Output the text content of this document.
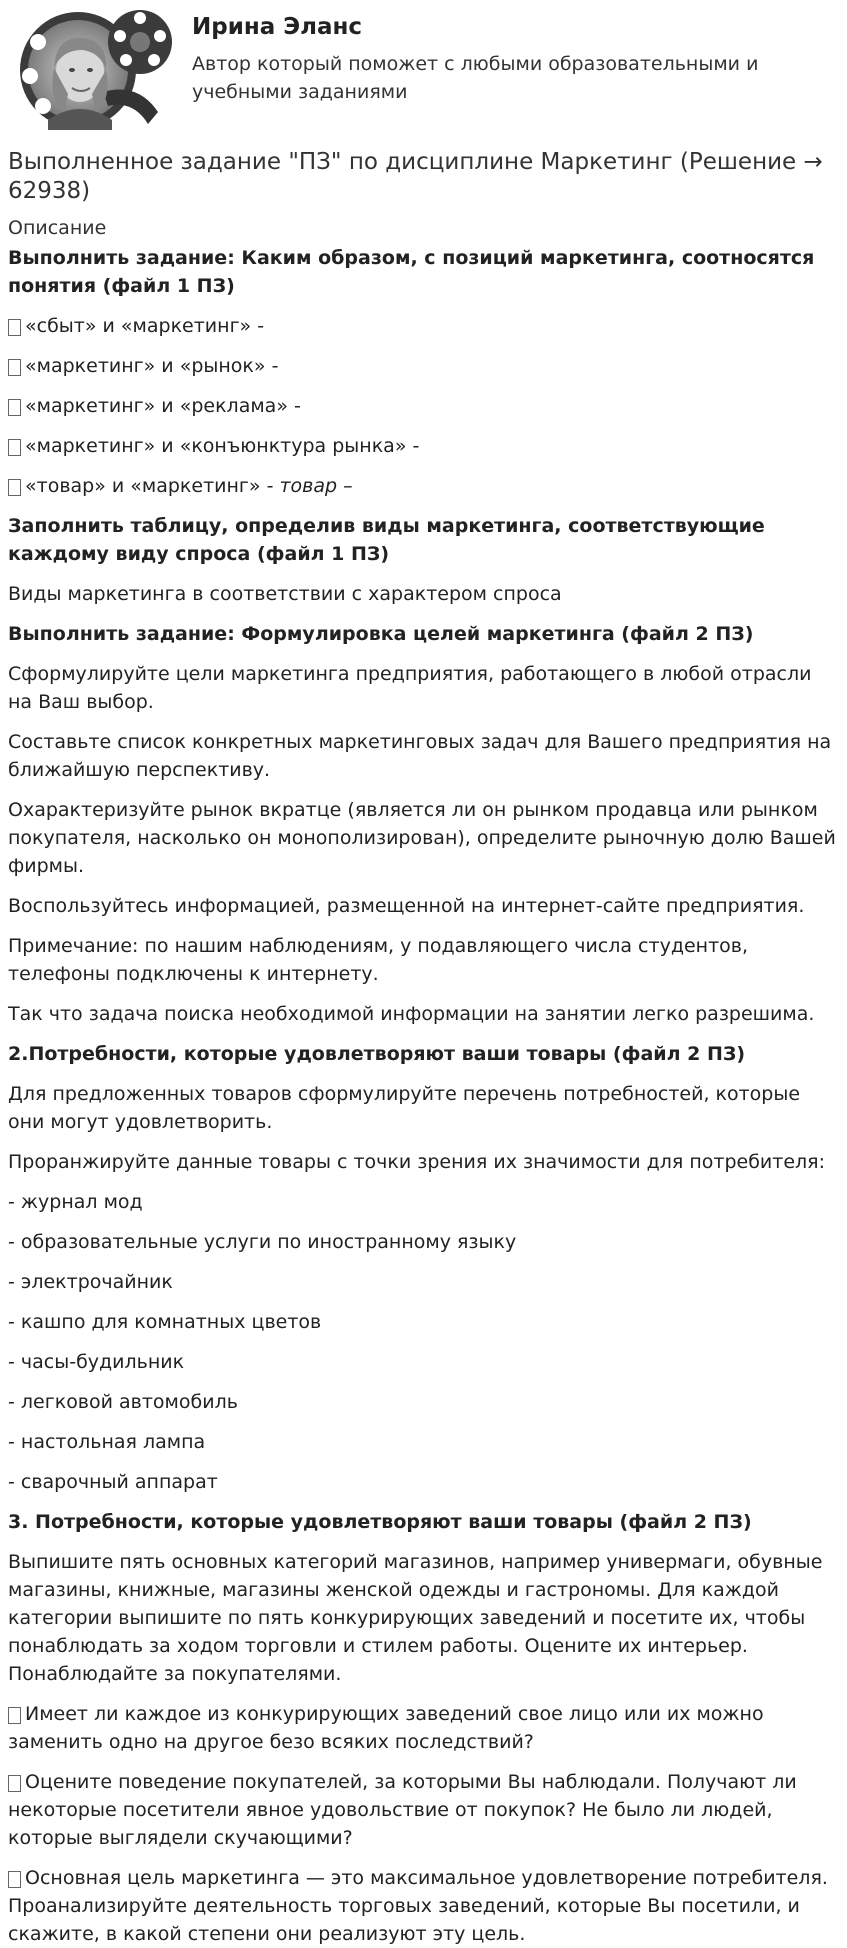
Ирина Эланс
Автор который поможет с любыми образовательными и учебными заданиями
Выполненное задание "ПЗ" по дисциплине Маркетинг (Решение → 62938)
Описание

Выполнить задание: Каким образом, с позиций маркетинга, соотносятся понятия (файл 1 ПЗ)

«сбыт» и «маркетинг» -

«маркетинг» и «рынок» -

«маркетинг» и «реклама» -

«маркетинг» и «конъюнктура рынка» -

«товар» и «маркетинг» - товар –

Заполнить таблицу, определив виды маркетинга, соответствующие каждому виду спроса (файл 1 ПЗ)

Виды маркетинга в соответствии с характером спроса

Выполнить задание: Формулировка целей маркетинга (файл 2 ПЗ)

Сформулируйте цели маркетинга предприятия, работающего в любой отрасли на Ваш выбор.

Составьте список конкретных маркетинговых задач для Вашего предприятия на ближайшую перспективу.

Охарактеризуйте рынок вкратце (является ли он рынком продавца или рынком покупателя, насколько он монополизирован), определите рыночную долю Вашей фирмы.

Воспользуйтесь информацией, размещенной на интернет-сайте предприятия.

Примечание: по нашим наблюдениям, у подавляющего числа студентов, телефоны подключены к интернету.

Так что задача поиска необходимой информации на занятии легко разрешима.

2.Потребности, которые удовлетворяют ваши товары (файл 2 ПЗ)

Для предложенных товаров сформулируйте перечень потребностей, которые они могут удовлетворить.

Проранжируйте данные товары с точки зрения их значимости для потребителя:

- журнал мод

- образовательные услуги по иностранному языку

- электрочайник

- кашпо для комнатных цветов

- часы-будильник

- легковой автомобиль

- настольная лампа

- сварочный аппарат

3. Потребности, которые удовлетворяют ваши товары (файл 2 ПЗ)

Выпишите пять основных категорий магазинов, например универмаги, обувные магазины, книжные, магазины женской одежды и гастрономы. Для каждой категории выпишите по пять конкурирующих заведений и посетите их, чтобы понаблюдать за ходом торговли и стилем работы. Оцените их интерьер. Понаблюдайте за покупателями.

Имеет ли каждое из конкурирующих заведений свое лицо или их можно заменить одно на другое безо всяких последствий?

Оцените поведение покупателей, за которыми Вы наблюдали. Получают ли некоторые посетители явное удовольствие от покупок? Не было ли людей, которые выглядели скучающими?

Основная цель маркетинга — это максимальное удовлетворение потребителя. Проанализируйте деятельность торговых заведений, которые Вы посетили, и скажите, в какой степени они реализуют эту цель.
